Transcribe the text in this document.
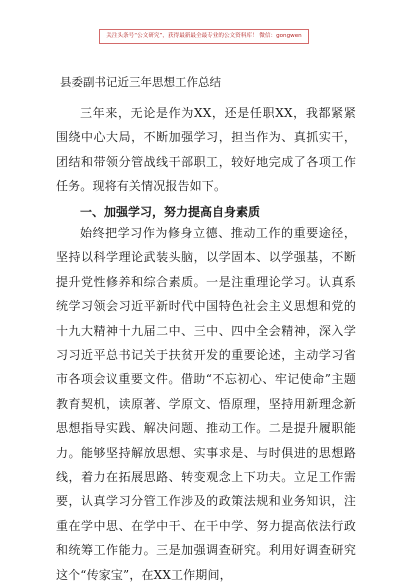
关注头条号“公文研究”，获得最新最全最专业的公文资料库！ 微信：gongwen
县委副书记近三年思想工作总结

三年来，无论是作为XX，还是任职XX，我都紧紧围绕中心大局，不断加强学习，担当作为、真抓实干，团结和带领分管战线干部职工，较好地完成了各项工作任务。现将有关情况报告如下。

一、加强学习，努力提高自身素质

始终把学习作为修身立德、推动工作的重要途径，坚持以科学理论武装头脑，以学固本、以学强基，不断提升党性修养和综合素质。一是注重理论学习。认真系统学习领会习近平新时代中国特色社会主义思想和党的十九大精神十九届二中、三中、四中全会精神，深入学习习近平总书记关于扶贫开发的重要论述，主动学习省市各项会议重要文件。借助“不忘初心、牢记使命”主题教育契机，读原著、学原文、悟原理，坚持用新理念新思想指导实践、解决问题、推动工作。二是提升履职能力。能够坚持解放思想、实事求是、与时俱进的思想路线，着力在拓展思路、转变观念上下功夫。立足工作需要，认真学习分管工作涉及的政策法规和业务知识，注重在学中思、在学中干、在干中学、努力提高依法行政和统筹工作能力。三是加强调查研究。利用好调查研究这个“传家宝”，在XX工作期间，
